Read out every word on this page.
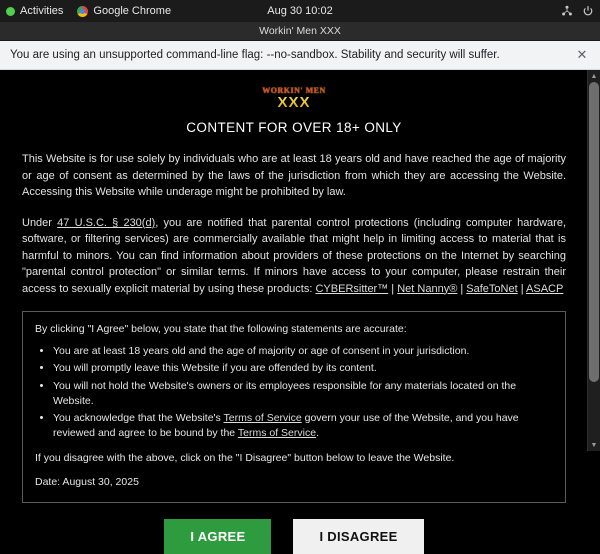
Activities	Google Chrome	Aug 30 10:02
Workin' Men XXX
You are using an unsupported command-line flag: --no-sandbox. Stability and security will suffer.	✕
WORKIN' MEN
XXX
CONTENT FOR OVER 18+ ONLY

This Website is for use solely by individuals who are at least 18 years old and have reached the age of majority or age of consent as determined by the laws of the jurisdiction from which they are accessing the Website. Accessing this Website while underage might be prohibited by law.

Under 47 U.S.C. § 230(d), you are notified that parental control protections (including computer hardware, software, or filtering services) are commercially available that might help in limiting access to material that is harmful to minors. You can find information about providers of these protections on the Internet by searching "parental control protection" or similar terms. If minors have access to your computer, please restrain their access to sexually explicit material by using these products: CYBERsitter™ | Net Nanny® | SafeToNet | ASACP

By clicking "I Agree" below, you state that the following statements are accurate:

• You are at least 18 years old and the age of majority or age of consent in your jurisdiction.
• You will promptly leave this Website if you are offended by its content.
• You will not hold the Website's owners or its employees responsible for any materials located on the Website.
• You acknowledge that the Website's Terms of Service govern your use of the Website, and you have reviewed and agree to be bound by the Terms of Service.

If you disagree with the above, click on the "I Disagree" button below to leave the Website.

Date: August 30, 2025

I AGREE	I DISAGREE
▲
▼
